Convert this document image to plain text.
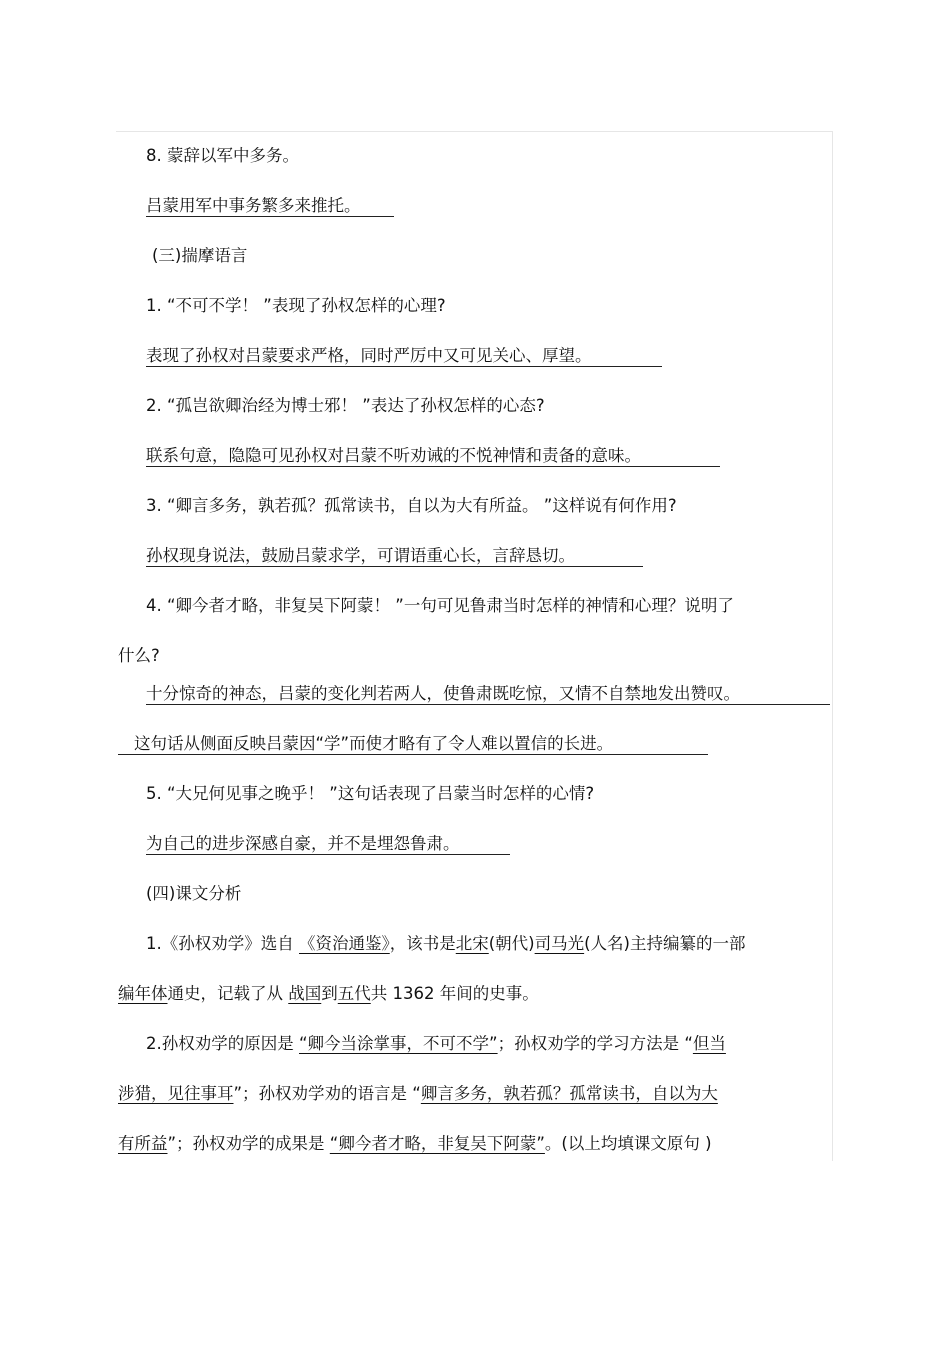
8. 蒙辞以军中多务。
吕蒙用军中事务繁多来推托。
(三)揣摩语言
1. “不可不学！ ”表现了孙权怎样的心理?
表现了孙权对吕蒙要求严格，同时严厉中又可见关心、厚望。
2. “孤岂欲卿治经为博士邪！ ”表达了孙权怎样的心态?
联系句意，隐隐可见孙权对吕蒙不听劝诫的不悦神情和责备的意味。
3. “卿言多务，孰若孤？孤常读书，自以为大有所益。 ”这样说有何作用?
孙权现身说法，鼓励吕蒙求学，可谓语重心长，言辞恳切。
4. “卿今者才略，非复吴下阿蒙！ ”一句可见鲁肃当时怎样的神情和心理？说明了
什么?
十分惊奇的神态，吕蒙的变化判若两人，使鲁肃既吃惊，又情不自禁地发出赞叹。
这句话从侧面反映吕蒙因“学”而使才略有了令人难以置信的长进。
5. “大兄何见事之晚乎！ ”这句话表现了吕蒙当时怎样的心情?
为自己的进步深感自豪，并不是埋怨鲁肃。
(四)课文分析
1.《孙权劝学》选自 《资治通鉴》，该书是北宋(朝代)司马光(人名)主持编纂的一部
编年体通史，记载了从 战国到五代共 1362 年间的史事。
2.孙权劝学的原因是 “卿今当涂掌事，不可不学”；孙权劝学的学习方法是 “但当
涉猎，见往事耳”；孙权劝学劝的语言是 “卿言多务，孰若孤？孤常读书，自以为大
有所益”；孙权劝学的成果是 “卿今者才略，非复吴下阿蒙”。(以上均填课文原句 )
